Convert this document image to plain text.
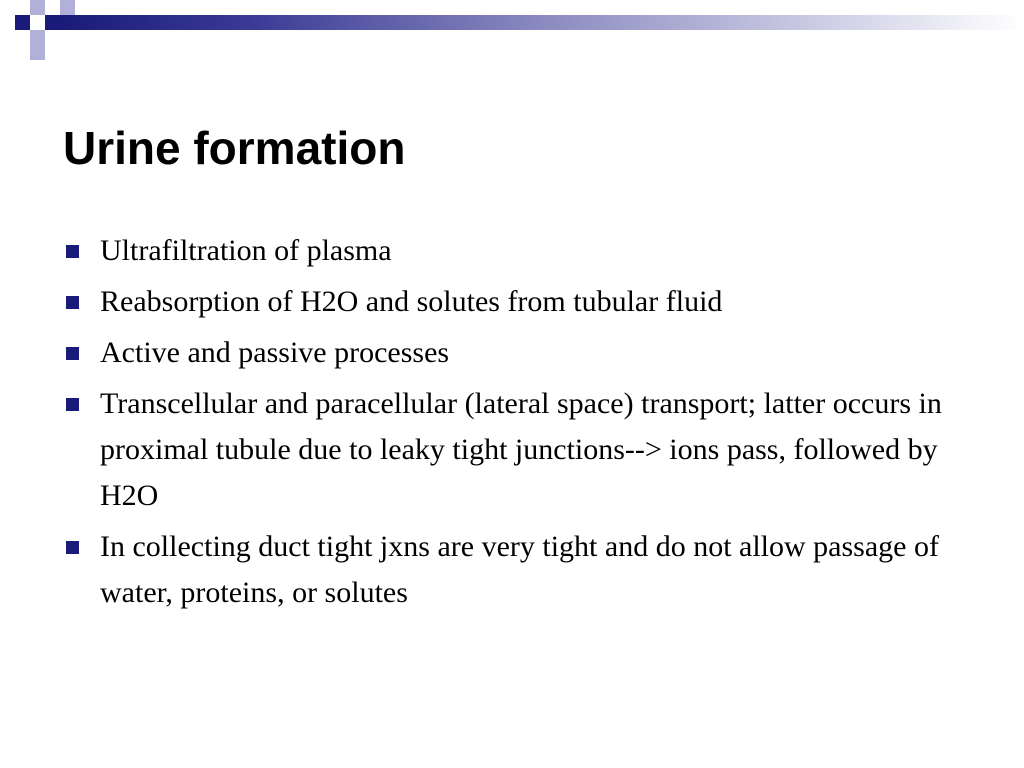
Urine formation
Ultrafiltration of plasma
Reabsorption of H2O and solutes from tubular fluid
Active and passive processes
Transcellular and paracellular (lateral space) transport; latter occurs in proximal tubule due to leaky tight junctions--> ions pass, followed by H2O
In collecting duct tight jxns are very tight and do not allow passage of water, proteins, or solutes
